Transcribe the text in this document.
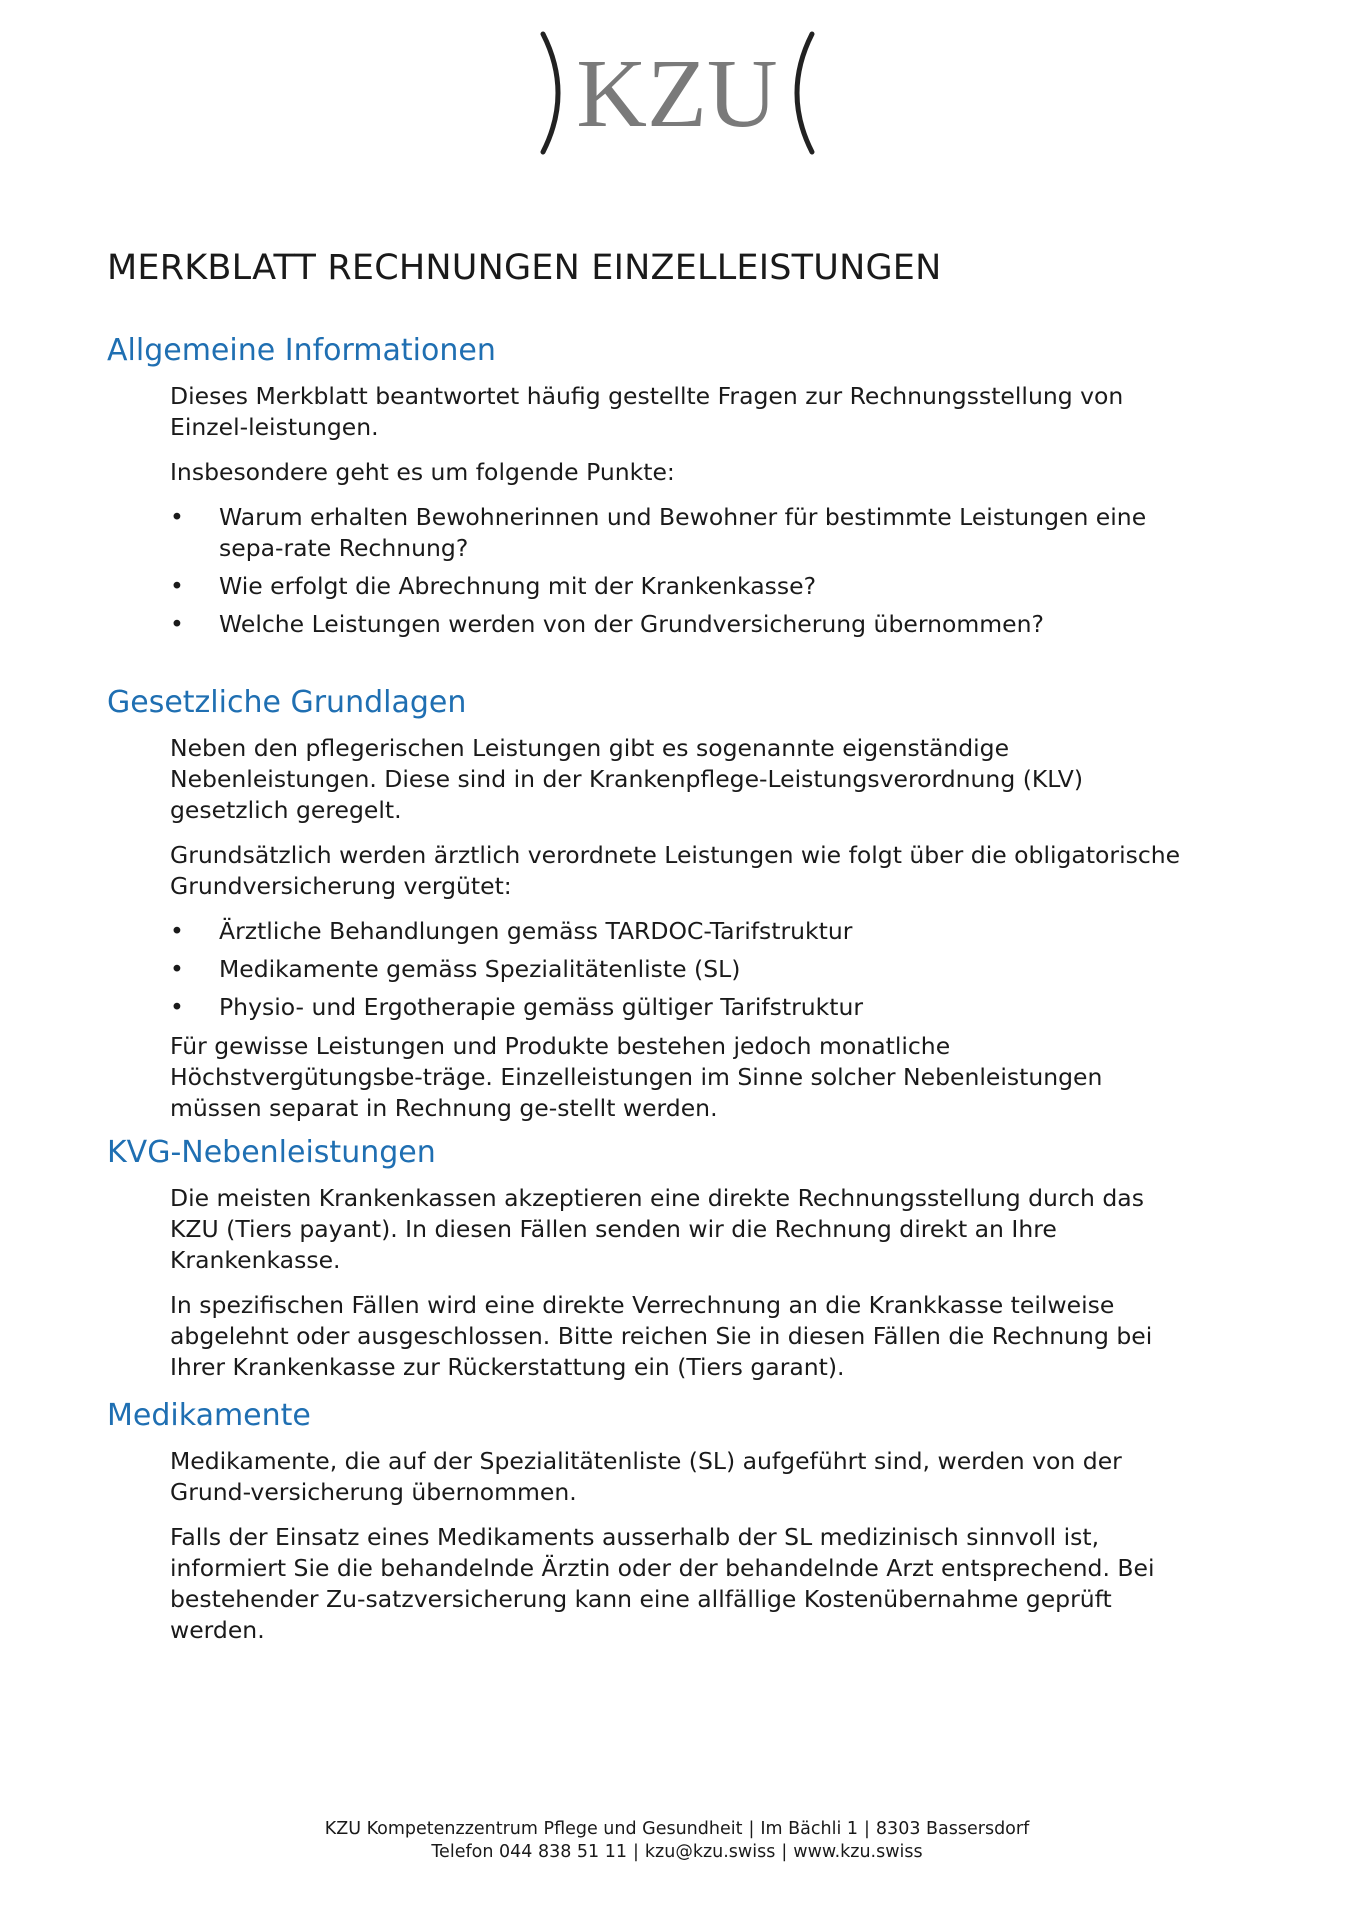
KZU
MERKBLATT RECHNUNGEN EINZELLEISTUNGEN
Allgemeine Informationen

Dieses Merkblatt beantwortet häufig gestellte Fragen zur Rechnungsstellung von Einzel-leistungen.

Insbesondere geht es um folgende Punkte:

• Warum erhalten Bewohnerinnen und Bewohner für bestimmte Leistungen eine sepa-rate Rechnung?
• Wie erfolgt die Abrechnung mit der Krankenkasse?
• Welche Leistungen werden von der Grundversicherung übernommen?
Gesetzliche Grundlagen

Neben den pflegerischen Leistungen gibt es sogenannte eigenständige Nebenleistungen. Diese sind in der Krankenpflege-Leistungsverordnung (KLV) gesetzlich geregelt.

Grundsätzlich werden ärztlich verordnete Leistungen wie folgt über die obligatorische Grundversicherung vergütet:

• Ärztliche Behandlungen gemäss TARDOC-Tarifstruktur
• Medikamente gemäss Spezialitätenliste (SL)
• Physio- und Ergotherapie gemäss gültiger Tarifstruktur

Für gewisse Leistungen und Produkte bestehen jedoch monatliche Höchstvergütungsbe-träge. Einzelleistungen im Sinne solcher Nebenleistungen müssen separat in Rechnung ge-stellt werden.

KVG-Nebenleistungen

Die meisten Krankenkassen akzeptieren eine direkte Rechnungsstellung durch das KZU (Tiers payant). In diesen Fällen senden wir die Rechnung direkt an Ihre Krankenkasse.

In spezifischen Fällen wird eine direkte Verrechnung an die Krankkasse teilweise abgelehnt oder ausgeschlossen. Bitte reichen Sie in diesen Fällen die Rechnung bei Ihrer Krankenkasse zur Rückerstattung ein (Tiers garant).

Medikamente

Medikamente, die auf der Spezialitätenliste (SL) aufgeführt sind, werden von der Grund-versicherung übernommen.

Falls der Einsatz eines Medikaments ausserhalb der SL medizinisch sinnvoll ist, informiert Sie die behandelnde Ärztin oder der behandelnde Arzt entsprechend. Bei bestehender Zu-satzversicherung kann eine allfällige Kostenübernahme geprüft werden.

KZU Kompetenzzentrum Pflege und Gesundheit | Im Bächli 1 | 8303 Bassersdorf
Telefon 044 838 51 11 | kzu@kzu.swiss | www.kzu.swiss
